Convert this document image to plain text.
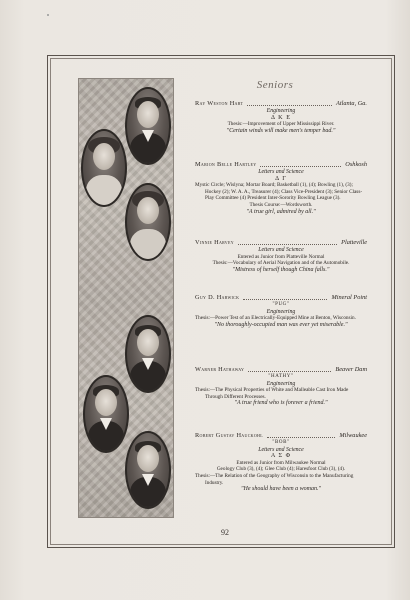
Seniors
Ray Weston Hart	Atlanta, Ga.
Engineering
Δ K E
Thesis:—Improvement of Upper Mississippi River.
"Certain winds will make men's temper bad."
Marion Belle Hartley	Oshkosh
Letters and Science
Δ Γ
Mystic Circle; Wislyna; Mortar Board; Basketball (1), (4); Bowling (1), (3); Hockey (2); W. A. A., Treasurer (4); Class Vice-President (3); Senior Class-Play Committee (4) President Inter-Sorority Bowling League (3).
Thesis Course:—Wordsworth.
"A true girl, admired by all."
Vinnie Harvey	Platteville
Letters and Science
Entered as Junior from Platteville Normal
Thesis:—Vocabulary of Aerial Navigation and of the Automobile.
"Mistress of herself though China falls."
Guy D. Harwick	Mineral Point
"PUG"
Engineering
Thesis:—Power Test of an Electrically-Equipped Mine at Benton, Wisconsin.
"No thoroughly-occupied man was ever yet miserable."
Warner Hathaway	Beaver Dam
"HATHY"
Engineering
Thesis:—The Physical Properties of White and Malleable Cast Iron Made Through Different Processes.
"A true friend who is forever a friend."
Robert Gustav Hauckohl	Milwaukee
"BOB"
Letters and Science
Α Σ Φ
Entered as Junior from Milwaukee Normal
Geology Club (3), (4); Glee Club (4); Haresfoot Club (3), (4).
Thesis:—The Relation of the Geography of Wisconsin to the Manufacturing Industry.
"He should have been a woman."
92
